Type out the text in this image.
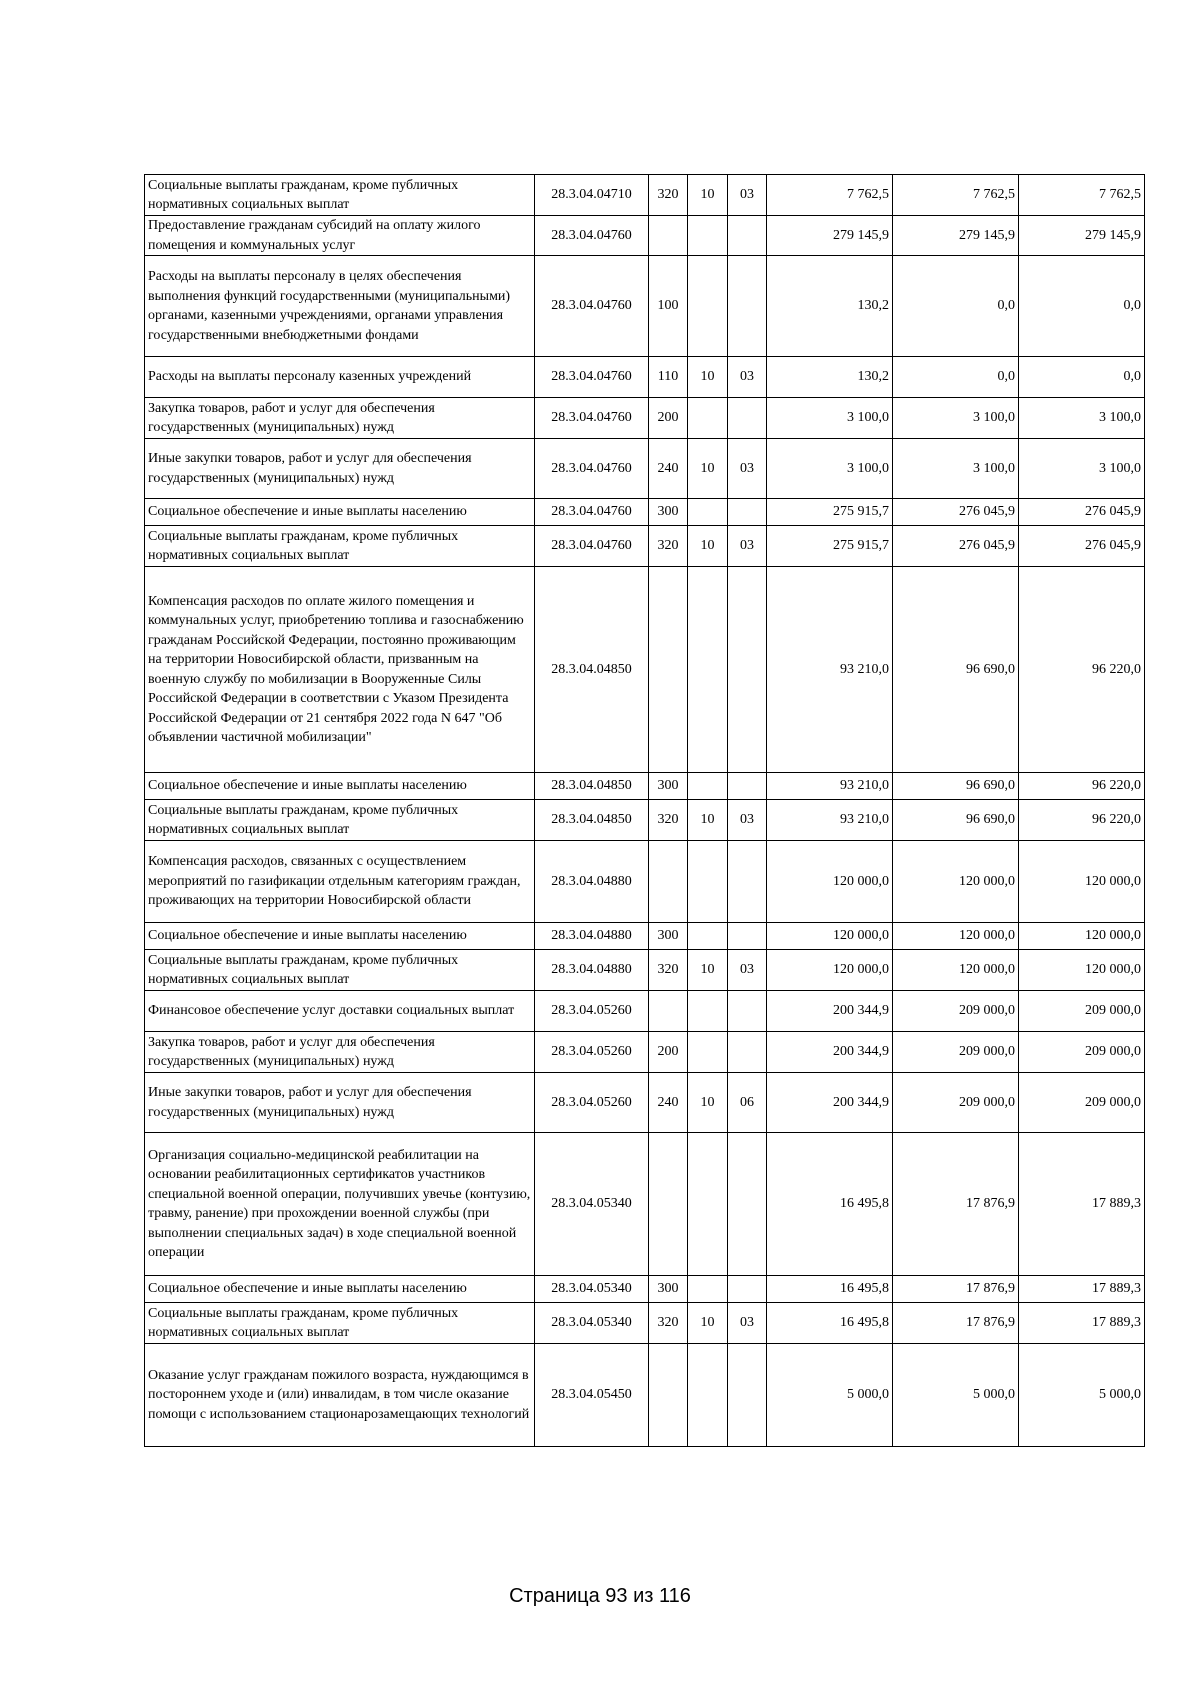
Социальные выплаты гражданам, кроме публичных нормативных социальных выплат	28.3.04.04710	320	10	03	7 762,5	7 762,5	7 762,5
Предоставление гражданам субсидий на оплату жилого помещения и коммунальных услуг	28.3.04.04760				279 145,9	279 145,9	279 145,9
Расходы на выплаты персоналу в целях обеспечения выполнения функций государственными (муниципальными) органами, казенными учреждениями, органами управления государственными внебюджетными фондами	28.3.04.04760	100			130,2	0,0	0,0
Расходы на выплаты персоналу казенных учреждений	28.3.04.04760	110	10	03	130,2	0,0	0,0
Закупка товаров, работ и услуг для обеспечения государственных (муниципальных) нужд	28.3.04.04760	200			3 100,0	3 100,0	3 100,0
Иные закупки товаров, работ и услуг для обеспечения государственных (муниципальных) нужд	28.3.04.04760	240	10	03	3 100,0	3 100,0	3 100,0
Социальное обеспечение и иные выплаты населению	28.3.04.04760	300			275 915,7	276 045,9	276 045,9
Социальные выплаты гражданам, кроме публичных нормативных социальных выплат	28.3.04.04760	320	10	03	275 915,7	276 045,9	276 045,9
Компенсация расходов по оплате жилого помещения и коммунальных услуг, приобретению топлива и газоснабжению гражданам Российской Федерации, постоянно проживающим на территории Новосибирской области, призванным на военную службу по мобилизации в Вооруженные Силы Российской Федерации в соответствии с Указом Президента Российской Федерации от 21 сентября 2022 года N 647 "Об объявлении частичной мобилизации"	28.3.04.04850				93 210,0	96 690,0	96 220,0
Социальное обеспечение и иные выплаты населению	28.3.04.04850	300			93 210,0	96 690,0	96 220,0
Социальные выплаты гражданам, кроме публичных нормативных социальных выплат	28.3.04.04850	320	10	03	93 210,0	96 690,0	96 220,0
Компенсация расходов, связанных с осуществлением мероприятий по газификации отдельным категориям граждан, проживающих на территории Новосибирской области	28.3.04.04880				120 000,0	120 000,0	120 000,0
Социальное обеспечение и иные выплаты населению	28.3.04.04880	300			120 000,0	120 000,0	120 000,0
Социальные выплаты гражданам, кроме публичных нормативных социальных выплат	28.3.04.04880	320	10	03	120 000,0	120 000,0	120 000,0
Финансовое обеспечение услуг доставки социальных выплат	28.3.04.05260				200 344,9	209 000,0	209 000,0
Закупка товаров, работ и услуг для обеспечения государственных (муниципальных) нужд	28.3.04.05260	200			200 344,9	209 000,0	209 000,0
Иные закупки товаров, работ и услуг для обеспечения государственных (муниципальных) нужд	28.3.04.05260	240	10	06	200 344,9	209 000,0	209 000,0
Организация социально-медицинской реабилитации на основании реабилитационных сертификатов участников специальной военной операции, получивших увечье (контузию, травму, ранение) при прохождении военной службы (при выполнении специальных задач) в ходе специальной военной операции	28.3.04.05340				16 495,8	17 876,9	17 889,3
Социальное обеспечение и иные выплаты населению	28.3.04.05340	300			16 495,8	17 876,9	17 889,3
Социальные выплаты гражданам, кроме публичных нормативных социальных выплат	28.3.04.05340	320	10	03	16 495,8	17 876,9	17 889,3
Оказание услуг гражданам пожилого возраста, нуждающимся в постороннем уходе и (или) инвалидам, в том числе оказание помощи с использованием стационарозамещающих технологий	28.3.04.05450				5 000,0	5 000,0	5 000,0
Страница 93 из 116
